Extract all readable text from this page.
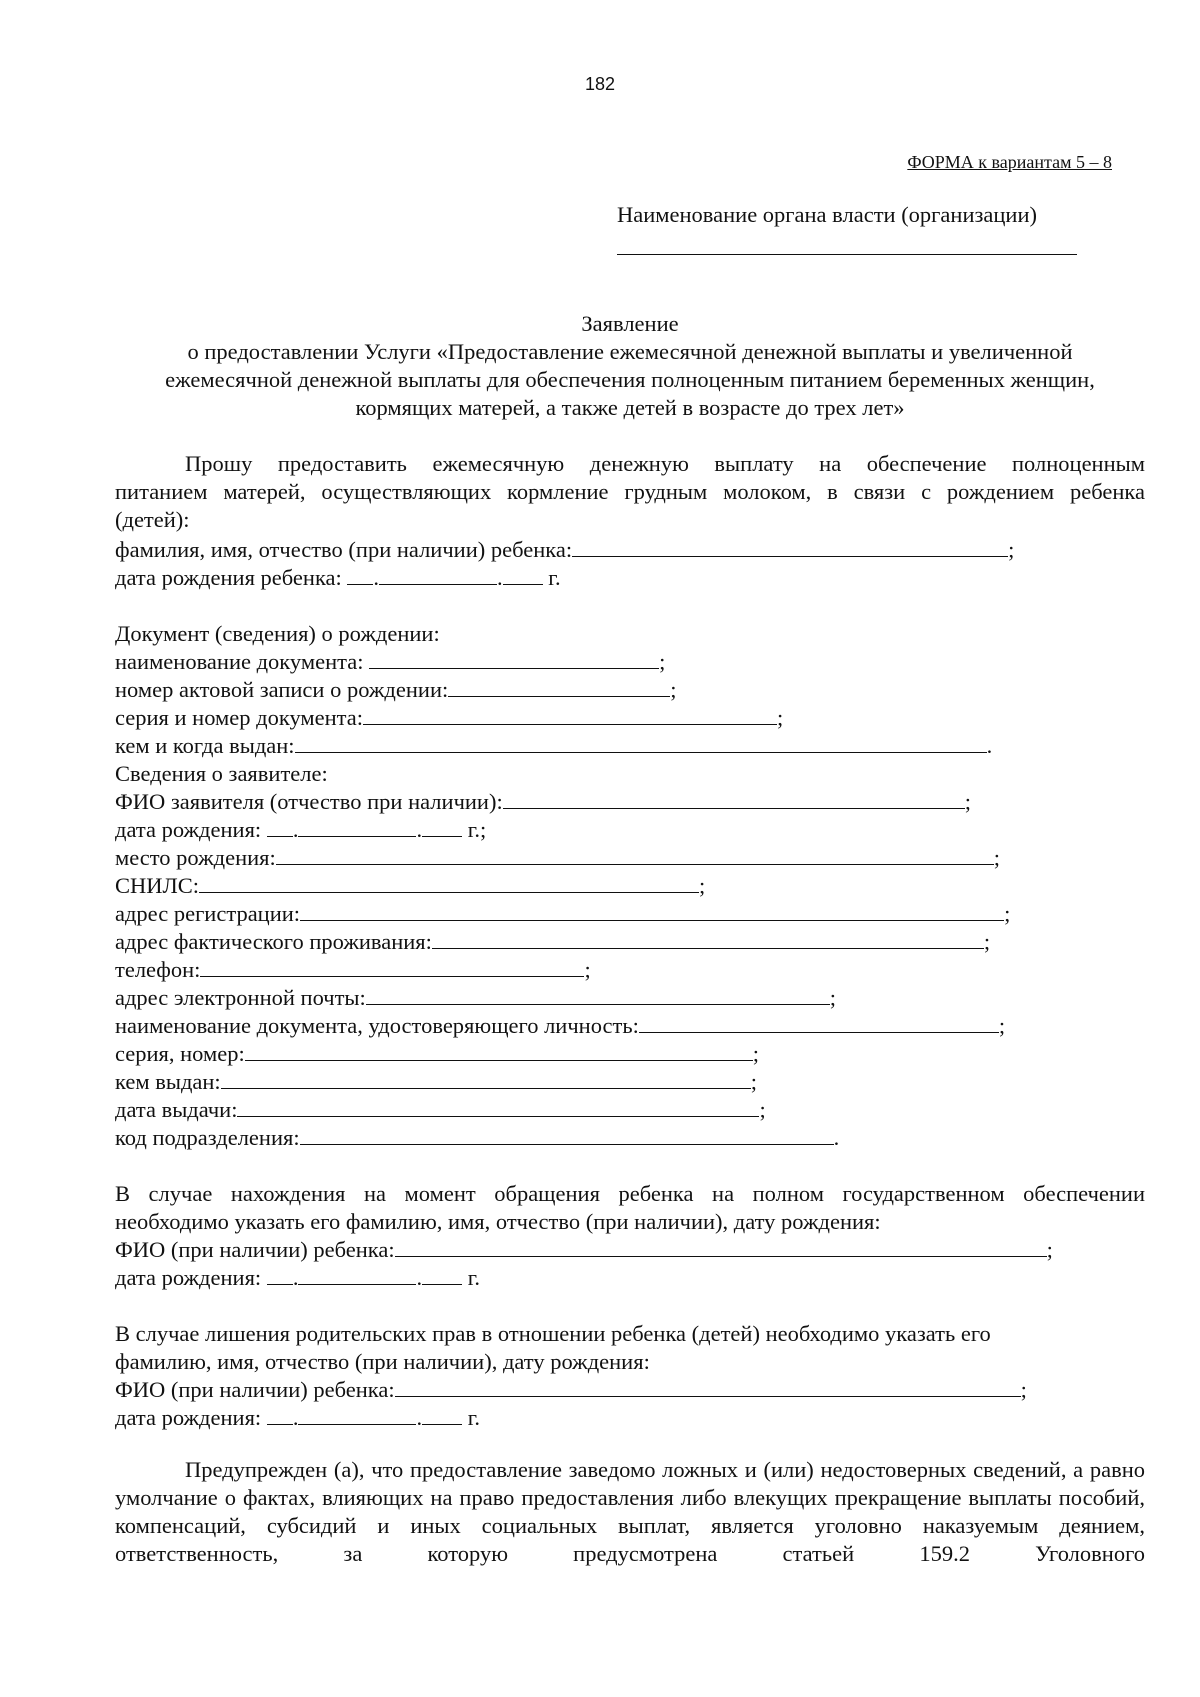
182
ФОРМА к вариантам 5 – 8
Наименование органа власти (организации)
Заявление
о предоставлении Услуги «Предоставление ежемесячной денежной выплаты и увеличенной
ежемесячной денежной выплаты для обеспечения полноценным питанием беременных женщин,
кормящих матерей, а также детей в возрасте до трех лет»
Прошу предоставить ежемесячную денежную выплату на обеспечение полноценным
питанием матерей, осуществляющих кормление грудным молоком, в связи с рождением ребенка
(детей):
фамилия, имя, отчество (при наличии) ребенка:	;
дата рождения ребенка: .	. г.
Документ (сведения) о рождении:
наименование документа:	;
номер актовой записи о рождении:	;
серия и номер документа:	;
кем и когда выдан:	.
Сведения о заявителе:
ФИО заявителя (отчество при наличии):	;
дата рождения: .	. г.;
место рождения:	;
СНИЛС:	;
адрес регистрации:	;
адрес фактического проживания:	;
телефон:	;
адрес электронной почты:	;
наименование документа, удостоверяющего личность:	;
серия, номер:	;
кем выдан:	;
дата выдачи:	;
код подразделения:	.
В случае нахождения на момент обращения ребенка на полном государственном обеспечении
необходимо указать его фамилию, имя, отчество (при наличии), дату рождения:
ФИО (при наличии) ребенка:	;
дата рождения: .	. г.
В случае лишения родительских прав в отношении ребенка (детей) необходимо указать его
фамилию, имя, отчество (при наличии), дату рождения:
ФИО (при наличии) ребенка:	;
дата рождения: .	. г.
Предупрежден (а), что предоставление заведомо ложных и (или) недостоверных сведений, а равно умолчание о фактах, влияющих на право предоставления либо влекущих прекращение выплаты пособий, компенсаций, субсидий и иных социальных выплат, является уголовно наказуемым деянием, ответственность, за которую предусмотрена статьей 159.2 Уголовного
